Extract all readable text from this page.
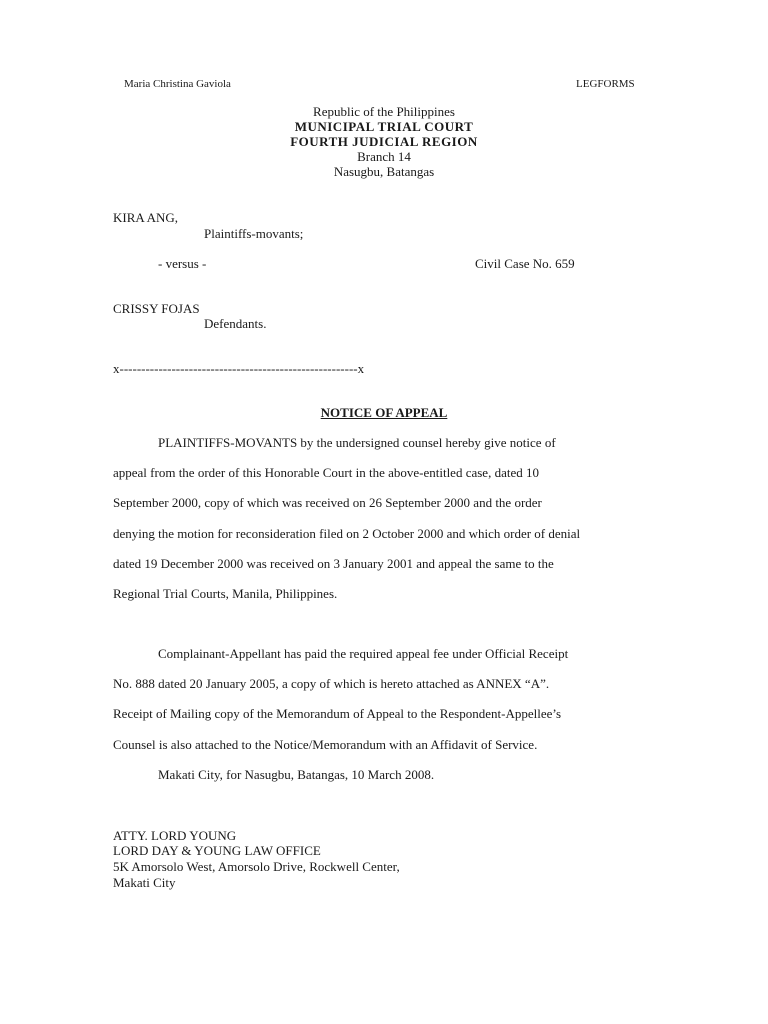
Maria Christina Gaviola	LEGFORMS
Republic of the Philippines
MUNICIPAL TRIAL COURT
FOURTH JUDICIAL REGION
Branch 14
Nasugbu, Batangas
KIRA ANG,
Plaintiffs-movants;
- versus -	Civil Case No. 659
CRISSY FOJAS
Defendants.
x-------------------------------------------------------x
NOTICE OF APPEAL
PLAINTIFFS-MOVANTS by the undersigned counsel hereby give notice of
appeal from the order of this Honorable Court in the above-entitled case, dated 10
September 2000, copy of which was received on 26 September 2000 and the order
denying the motion for reconsideration filed on 2 October 2000 and which order of denial
dated 19 December 2000 was received on 3 January 2001 and appeal the same to the
Regional Trial Courts, Manila, Philippines.
Complainant-Appellant has paid the required appeal fee under Official Receipt
No. 888 dated 20 January 2005, a copy of which is hereto attached as ANNEX “A”.
Receipt of Mailing copy of the Memorandum of Appeal to the Respondent-Appellee’s
Counsel is also attached to the Notice/Memorandum with an Affidavit of Service.
Makati City, for Nasugbu, Batangas, 10 March 2008.
ATTY. LORD YOUNG
LORD DAY & YOUNG LAW OFFICE
5K Amorsolo West, Amorsolo Drive, Rockwell Center,
Makati City
